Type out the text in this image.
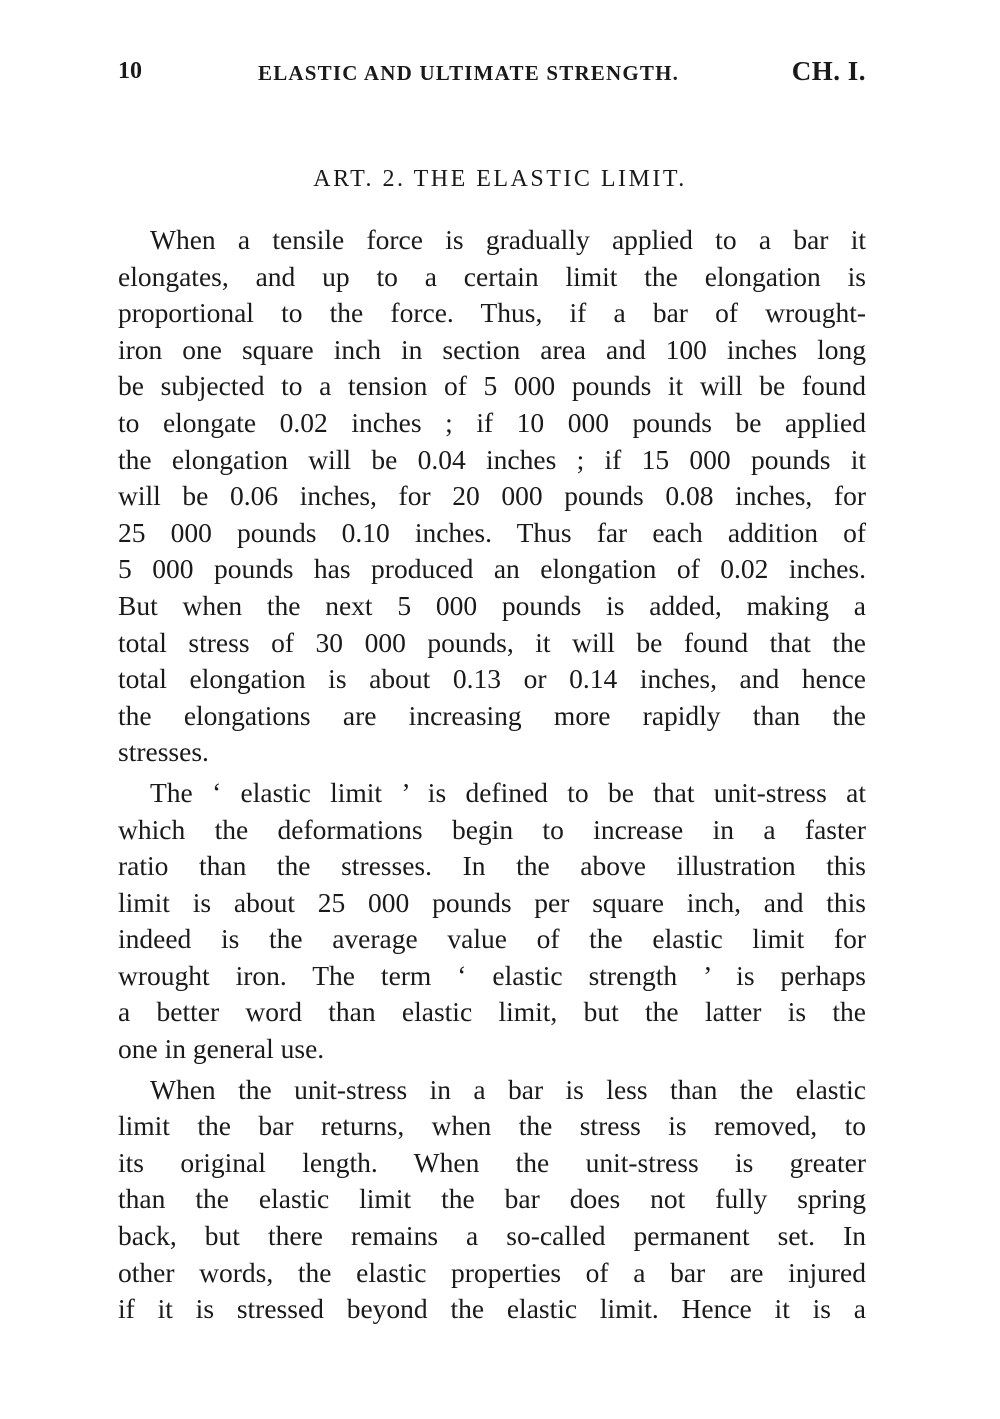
10	ELASTIC AND ULTIMATE STRENGTH.	CH. I.
ART. 2. THE ELASTIC LIMIT.
When a tensile force is gradually applied to a bar it
elongates, and up to a certain limit the elongation is
proportional to the force. Thus, if a bar of wrought-
iron one square inch in section area and 100 inches long
be subjected to a tension of 5 000 pounds it will be found
to elongate 0.02 inches ; if 10 000 pounds be applied
the elongation will be 0.04 inches ; if 15 000 pounds it
will be 0.06 inches, for 20 000 pounds 0.08 inches, for
25 000 pounds 0.10 inches. Thus far each addition of
5 000 pounds has produced an elongation of 0.02 inches.
But when the next 5 000 pounds is added, making a
total stress of 30 000 pounds, it will be found that the
total elongation is about 0.13 or 0.14 inches, and hence
the elongations are increasing more rapidly than the
stresses.
The ‘ elastic limit ’ is defined to be that unit-stress at
which the deformations begin to increase in a faster
ratio than the stresses. In the above illustration this
limit is about 25 000 pounds per square inch, and this
indeed is the average value of the elastic limit for
wrought iron. The term ‘ elastic strength ’ is perhaps
a better word than elastic limit, but the latter is the
one in general use.
When the unit-stress in a bar is less than the elastic
limit the bar returns, when the stress is removed, to
its original length. When the unit-stress is greater
than the elastic limit the bar does not fully spring
back, but there remains a so-called permanent set. In
other words, the elastic properties of a bar are injured
if it is stressed beyond the elastic limit. Hence it is a
